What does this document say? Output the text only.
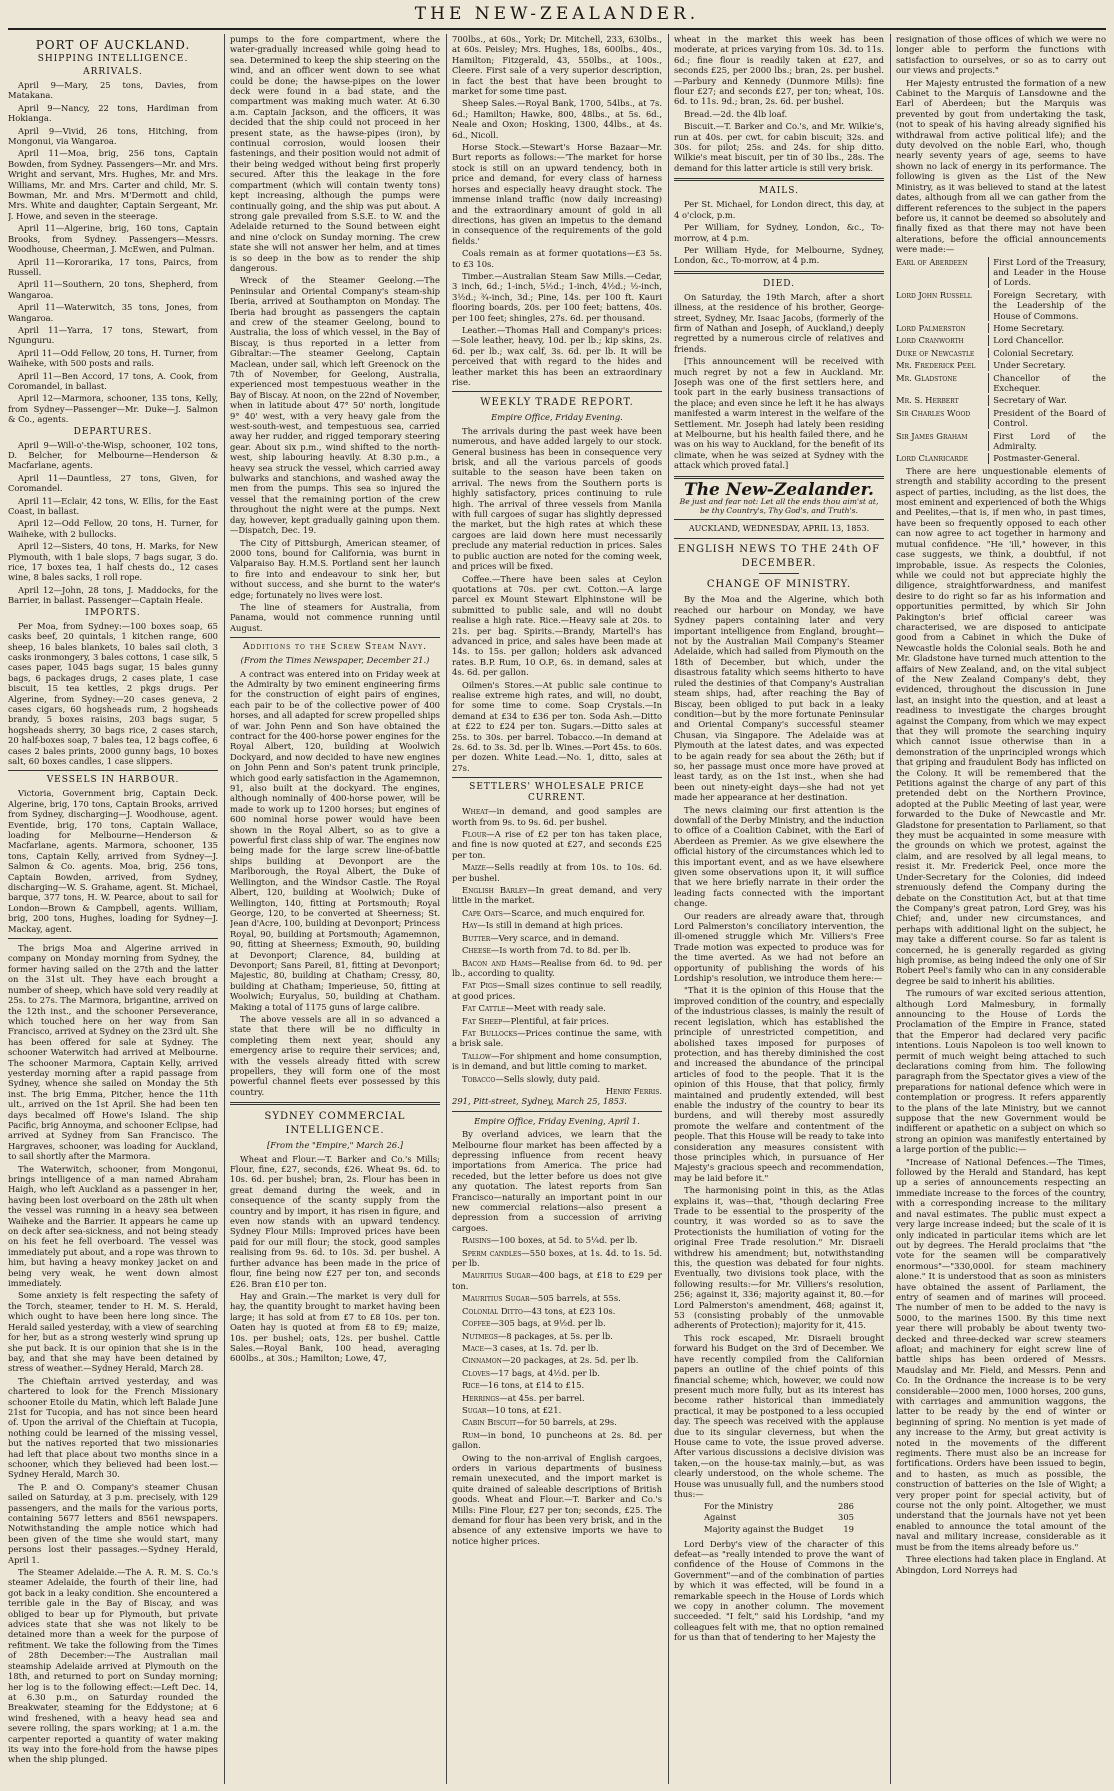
THE NEW-ZEALANDER.
PORT OF AUCKLAND.
SHIPPING INTELLIGENCE.
ARRIVALS.

April 9—Mary, 25 tons, Davies, from Matakana.

April 9—Nancy, 22 tons, Hardiman from Hokianga.

April 9—Vivid, 26 tons, Hitching, from Mongonui, via Wangaroa.

April 11—Moa, brig, 256 tons, Captain Bowden, from Sydney. Passengers—Mr. and Mrs. Wright and servant, Mrs. Hughes, Mr. and Mrs. Williams, Mr. and Mrs. Carter and child, Mr. S. Bowman, Mr. and Mrs. M'Dermott and child, Mrs. White and daughter, Captain Sergeant, Mr. J. Howe, and seven in the steerage.

April 11—Algerine, brig, 160 tons, Captain Brooks, from Sydney. Passengers—Messrs. Woodhouse, Cheerman, J. McEwen, and Pulman.

April 11—Kororarika, 17 tons, Paircs, from Russell.

April 11—Southern, 20 tons, Shepherd, from Wangaroa.

April 11—Waterwitch, 35 tons, Jones, from Wangaroa.

April 11—Yarra, 17 tons, Stewart, from Ngunguru.

April 11—Odd Fellow, 20 tons, H. Turner, from Waiheke, with 500 posts and rails.

April 11—Ben Accord, 17 tons, A. Cook, from Coromandel, in ballast.

April 12—Marmora, schooner, 135 tons, Kelly, from Sydney—Passenger—Mr. Duke—J. Salmon & Co., agents.

DEPARTURES.

April 9—Will-o'-the-Wisp, schooner, 102 tons, D. Belcher, for Melbourne—Henderson & Macfarlane, agents.

April 11—Dauntless, 27 tons, Given, for Coromandel.

April 11—Eclair, 42 tons, W. Ellis, for the East Coast, in ballast.

April 12—Odd Fellow, 20 tons, H. Turner, for Waiheke, with 2 bullocks.

April 12—Sisters, 40 tons, H. Marks, for New Plymouth, with 1 bale slops, 7 bags sugar, 3 do. rice, 17 boxes tea, 1 half chests do., 12 cases wine, 8 bales sacks, 1 roll rope.

April 12—John, 28 tons, J. Maddocks, for the Barrier, in ballast. Passenger—Captain Heale.

IMPORTS.

Per Moa, from Sydney:—100 boxes soap, 65 casks beef, 20 quintals, 1 kitchen range, 600 sheep, 16 bales blankets, 10 bales sail cloth, 3 casks ironmongery, 3 bales cottons, 1 case silk, 5 cases paper, 1045 bags sugar, 15 bales gunny bags, 6 packages drugs, 2 cases plate, 1 case biscuit, 15 tea kettles, 2 pkgs drugs. Per Algerine, from Sydney:—20 cases geneva, 2 cases cigars, 60 hogsheads rum, 2 hogsheads brandy, 5 boxes raisins, 203 bags sugar, 5 hogsheads sherry, 30 bags rice, 2 cases starch, 20 half-boxes soap, 7 bales tea, 12 bags coffee, 6 cases 2 bales prints, 2000 gunny bags, 10 boxes salt, 60 boxes candles, 1 case slippers.

VESSELS IN HARBOUR.

Victoria, Government brig, Captain Deck. Algerine, brig, 170 tons, Captain Brooks, arrived from Sydney, discharging—J. Woodhouse, agent. Eventide, brig, 170 tons, Captain Wallace, loading for Melbourne—Henderson & Macfarlane, agents. Marmora, schooner, 135 tons, Captain Kelly, arrived from Sydney—J. Salmon & Co. agents. Moa, brig, 256 tons, Captain Bowden, arrived, from Sydney, discharging—W. S. Grahame, agent. St. Michael, barque, 377 tons, H. W. Pearce, about to sail for London—Brown & Campbell, agents. William, brig, 200 tons, Hughes, loading for Sydney—J. Mackay, agent.

The brigs Moa and Algerine arrived in company on Monday morning from Sydney, the former having sailed on the 27th and the latter on the 31st ult. They have each brought a number of sheep, which have sold very readily at 25s. to 27s. The Marmora, brigantine, arrived on the 12th inst., and the schooner Perseverance, which touched here on her way from San Francisco, arrived at Sydney on the 23rd ult. She has been offered for sale at Sydney. The schooner Waterwitch had arrived at Melbourne. The schooner Marmora, Captain Kelly, arrived yesterday morning after a rapid passage from Sydney, whence she sailed on Monday the 5th inst. The brig Emma, Pitcher, hence the 11th ult., arrived on the 1st April. She had been ten days becalmed off Howe's Island. The ship Pacific, brig Annoyma, and schooner Eclipse, had arrived at Sydney from San Francisco. The Hargraves, schooner, was loading for Auckland, to sail shortly after the Marmora.

The Waterwitch, schooner, from Mongonui, brings intelligence of a man named Abraham Haigh, who left Auckland as a passenger in her, having been lost overboard on the 28th ult when the vessel was running in a heavy sea between Waiheke and the Barrier. It appears he came up on deck after sea-sickness, and not being steady on his feet he fell overboard. The vessel was immediately put about, and a rope was thrown to him, but having a heavy monkey jacket on and being very weak, he went down almost immediately.

Some anxiety is felt respecting the safety of the Torch, steamer, tender to H. M. S. Herald, which ought to have been here long since. The Herald sailed yesterday, with a view of searching for her, but as a strong westerly wind sprung up she put back. It is our opinion that she is in the bay, and that she may have been detained by stress of weather.—Sydney Herald, March 28.

The Chieftain arrived yesterday, and was chartered to look for the French Missionary schooner Etoile du Matin, which left Balade June 21st for Tucopia, and has not since been heard of. Upon the arrival of the Chieftain at Tucopia, nothing could be learned of the missing vessel, but the natives reported that two missionaries had left that place about two months since in a schooner, which they believed had been lost.—Sydney Herald, March 30.

The P. and O. Company's steamer Chusan sailed on Saturday, at 3 p.m. precisely, with 129 passengers, and the mails for the various ports, containing 5677 letters and 8561 newspapers. Notwithstanding the ample notice which had been given of the time she would start, many persons lost their passages.—Sydney Herald, April 1.

The Steamer Adelaide.—The A. R. M. S. Co.'s steamer Adelaide, the fourth of their line, had got back in a leaky condition. She encountered a terrible gale in the Bay of Biscay, and was obliged to bear up for Plymouth, but private advices state that she was not likely to be detained more than a week for the purpose of refitment. We take the following from the Times of 28th December:—The Australian mail steamship Adelaide arrived at Plymouth on the 18th, and returned to port on Sunday morning; her log is to the following effect:—Left Dec. 14, at 6.30 p.m., on Saturday rounded the Breakwater, steaming for the Eddystone; at 6 wind freshened, with a heavy head sea and severe rolling, the spars working; at 1 a.m. the carpenter reported a quantity of water making its way into the fore-hold from the hawse pipes when the ship plunged.

pumps to the fore compartment, where the water-gradually increased while going head to sea. Determined to keep the ship steering on the wind, and an officer went down to see what could be done; the hawse-pipes on the lower deck were found in a bad state, and the compartment was making much water. At 6.30 a.m. Captain Jackson, and the officers, it was decided that the ship could not proceed in her present state, as the hawse-pipes (iron), by continual corrosion, would loosen their fastenings, and their position would not admit of their being wedged without being first properly secured. After this the leakage in the fore compartment (which will contain twenty tons) kept increasing, although the pumps were continually going, and the ship was put about. A strong gale prevailed from S.S.E. to W. and the Adelaide returned to the Sound between eight and nine o'clock on Sunday morning. The crew state she will not answer her helm, and at times is so deep in the bow as to render the ship dangerous.

Wreck of the Steamer Geelong.—The Peninsular and Oriental Company's steam-ship Iberia, arrived at Southampton on Monday. The Iberia had brought as passengers the captain and crew of the steamer Geelong, bound to Australia, the loss of which vessel, in the Bay of Biscay, is thus reported in a letter from Gibraltar:—The steamer Geelong, Captain Maclean, under sail, which left Greenock on the 7th of November, for Geelong, Australia, experienced most tempestuous weather in the Bay of Biscay. At noon, on the 22nd of November, when in latitude about 47° 50' north, longitude 9° 40' west, with a very heavy gale from the west-south-west, and tempestuous sea, carried away her rudder, and rigged temporary steering gear. About six p.m., wind shifted to the north-west, ship labouring heavily. At 8.30 p.m., a heavy sea struck the vessel, which carried away bulwarks and stanchions, and washed away the men from the pumps. This sea so injured the vessel that the remaining portion of the crew throughout the night were at the pumps. Next day, however, kept gradually gaining upon them.—Dispatch, Dec. 19.

The City of Pittsburgh, American steamer, of 2000 tons, bound for California, was burnt in Valparaiso Bay. H.M.S. Portland sent her launch to fire into and endeavour to sink her, but without success, and she burnt to the water's edge; fortunately no lives were lost.

The line of steamers for Australia, from Panama, would not commence running until August.

Additions to the Screw Steam Navy.
(From the Times Newspaper, December 21.)

A contract was entered into on Friday week at the Admiralty by two eminent engineering firms for the construction of eight pairs of engines, each pair to be of the collective power of 400 horses, and all adapted for screw propelled ships of war. John Penn and Son have obtained the contract for the 400-horse power engines for the Royal Albert, 120, building at Woolwich Dockyard, and now decided to have new engines on John Penn and Son's patent trunk principle, which good early satisfaction in the Agamemnon, 91, also built at the dockyard. The engines, although nominally of 400-horse power, will be made to work up to 1200 horses; but engines of 600 nominal horse power would have been shown in the Royal Albert, so as to give a powerful first class ship of war. The engines now being made for the large screw line-of-battle ships building at Devonport are the Marlborough, the Royal Albert, the Duke of Wellington, and the Windsor Castle. The Royal Albert, 120, building at Woolwich; Duke of Wellington, 140, fitting at Portsmouth; Royal George, 120, to be converted at Sheerness; St. Jean d'Acre, 100, building at Devonport; Princess Royal, 90, building at Portsmouth; Agamemnon, 90, fitting at Sheerness; Exmouth, 90, building at Devonport; Clarence, 84, building at Devonport; Sans Pareil, 81, fitting at Devonport; Majestic, 80, building at Chatham; Cressy, 80, building at Chatham; Imperieuse, 50, fitting at Woolwich; Euryalus, 50, building at Chatham. Making a total of 1175 guns of large calibre.

The above vessels are all in so advanced a state that there will be no difficulty in completing them next year, should any emergency arise to require their services; and, with the vessels already fitted with screw propellers, they will form one of the most powerful channel fleets ever possessed by this country.

SYDNEY COMMERCIAL INTELLIGENCE.
[From the "Empire," March 26.]

Wheat and Flour.—T. Barker and Co.'s Mills; Flour, fine, £27, seconds, £26. Wheat 9s. 6d. to 10s. 6d. per bushel; bran, 2s. Flour has been in great demand during the week, and in consequence of the scanty supply from the country and by import, it has risen in figure, and even now stands with an upward tendency. Sydney Flour Mills: Improved prices have been paid for our mill flour; the stock, good samples realising from 9s. 6d. to 10s. 3d. per bushel. A further advance has been made in the price of flour, fine being now £27 per ton, and seconds £26. Bran £10 per ton.

Hay and Grain.—The market is very dull for hay, the quantity brought to market having been large; it has sold at from £7 to £8 10s. per ton. Oaten hay is quoted at from £8 to £9; maize, 10s. per bushel; oats, 12s. per bushel. Cattle Sales.—Royal Bank, 100 head, averaging 600lbs., at 30s.; Hamilton; Lowe, 47,

700lbs., at 60s., York; Dr. Mitchell, 233, 630lbs., at 60s. Peisley; Mrs. Hughes, 18s, 600lbs., 40s., Hamilton; Fitzgerald, 43, 550lbs., at 100s., Cleere. First sale of a very superior description, in fact the best that have been brought to market for some time past.

Sheep Sales.—Royal Bank, 1700, 54lbs., at 7s. 6d.; Hamilton; Hawke, 800, 48lbs., at 5s. 6d., Neale and Oxon; Hosking, 1300, 44lbs., at 4s. 6d., Nicoll.

Horse Stock.—Stewart's Horse Bazaar—Mr. Burt reports as follows:—'The market for horse stock is still on an upward tendency, both in price and demand, for every class of harness horses and especially heavy draught stock. The immense inland traffic (now daily increasing) and the extraordinary amount of gold in all directions, has given an impetus to the demand in consequence of the requirements of the gold fields.'

Coals remain as at former quotations—£3 5s. to £3 10s.

Timber.—Australian Steam Saw Mills.—Cedar, 3 inch, 6d.; 1-inch, 5½d.; 1-inch, 4½d.; ½-inch, 3½d.; ¾-inch, 3d.; Pine, 14s. per 100 ft. Kauri flooring boards, 20s. per 100 feet; battens, 40s. per 100 feet; shingles, 27s. 6d. per thousand.

Leather.—Thomas Hall and Company's prices:—Sole leather, heavy, 10d. per lb.; kip skins, 2s. 6d. per lb.; wax calf, 3s. 6d. per lb. It will be perceived that with regard to the hides and leather market this has been an extraordinary rise.

WEEKLY TRADE REPORT.
Empire Office, Friday Evening.

The arrivals during the past week have been numerous, and have added largely to our stock. General business has been in consequence very brisk, and all the various parcels of goods suitable to the season have been taken on arrival. The news from the Southern ports is highly satisfactory, prices continuing to rule high. The arrival of three vessels from Manila with full cargoes of sugar has slightly depressed the market, but the high rates at which these cargoes are laid down here must necessarily preclude any material reduction in prices. Sales to public auction are noted for the coming week, and prices will be fixed.

Coffee.—There have been sales at Ceylon quotations at 70s. per cwt. Cotton.—A large parcel ex Mount Stewart Elphinstone will be submitted to public sale, and will no doubt realise a high rate. Rice.—Heavy sale at 20s. to 21s. per bag. Spirits.—Brandy, Martell's has advanced in price, and sales have been made at 14s. to 15s. per gallon; holders ask advanced rates. B.P. Rum, 10 O.P., 6s. in demand, sales at 4s. 6d. per gallon.

Oilmen's Stores.—At public sale continue to realise extreme high rates, and will, no doubt, for some time to come. Soap Crystals.—In demand at £34 to £36 per ton. Soda Ash.—Ditto at £22 to £24 per ton. Sugars.—Ditto sales at 25s. to 30s. per barrel. Tobacco.—In demand at 2s. 6d. to 3s. 3d. per lb. Wines.—Port 45s. to 60s. per dozen. White Lead.—No. 1, ditto, sales at 27s.

SETTLERS' WHOLESALE PRICE CURRENT.

Wheat—in demand, and good samples are worth from 9s. to 9s. 6d. per bushel.

Flour—A rise of £2 per ton has taken place, and fine is now quoted at £27, and seconds £25 per ton.

Maize—Sells readily at from 10s. to 10s. 6d. per bushel.

English Barley—In great demand, and very little in the market.

Cape Oats—Scarce, and much enquired for.

Hay—Is still in demand at high prices.

Butter—Very scarce, and in demand.

Cheese—Is worth from 7d. to 8d. per lb.

Bacon and Hams—Realise from 6d. to 9d. per lb., according to quality.

Fat Pigs—Small sizes continue to sell readily, at good prices.

Fat Cattle—Meet with ready sale.

Fat Sheep—Plentiful, at fair prices.

Fat Bullocks—Prices continue the same, with a brisk sale.

Tallow—For shipment and home consumption, is in demand, and but little coming to market.

Tobacco—Sells slowly, duty paid.

Henry Ferris.
291, Pitt-street, Sydney, March 25, 1853.
Empire Office, Friday Evening, April 1.

By overland advices, we learn that the Melbourne flour market has been affected by a depressing influence from recent heavy importations from America. The price had receded, but the letter before us does not give any quotation. The latest reports from San Francisco—naturally an important point in our new commercial relations—also present a depression from a succession of arriving cargoes.

Raisins—100 boxes, at 5d. to 5¼d. per lb.

Sperm candles—550 boxes, at 1s. 4d. to 1s. 5d. per lb.

Mauritius Sugar—400 bags, at £18 to £29 per ton.

Mauritius Sugar—505 barrels, at 55s.

Colonial Ditto—43 tons, at £23 10s.

Coffee—305 bags, at 9½d. per lb.

Nutmegs—8 packages, at 5s. per lb.

Mace—3 cases, at 1s. 7d. per lb.

Cinnamon—20 packages, at 2s. 5d. per lb.

Cloves—17 bags, at 4½d. per lb.

Rice—16 tons, at £14 to £15.

Herrings—at 45s. per barrel.

Sugar—10 tons, at £21.

Cabin Biscuit—for 50 barrels, at 29s.

Rum—in bond, 10 puncheons at 2s. 8d. per gallon.

Owing to the non-arrival of English cargoes, orders in various departments of business remain unexecuted, and the import market is quite drained of saleable descriptions of British goods. Wheat and Flour.—T. Barker and Co.'s Mills: Fine Flour, £27 per ton; seconds, £25. The demand for flour has been very brisk, and in the absence of any extensive imports we have to notice higher prices.

wheat in the market this week has been moderate, at prices varying from 10s. 3d. to 11s. 6d.; fine flour is readily taken at £27, and seconds £25, per 2000 lbs.; bran, 2s. per bushel.—Parbury and Kennedy (Dunmore Mills): fine flour £27; and seconds £27, per ton; wheat, 10s. 6d. to 11s. 9d.; bran, 2s. 6d. per bushel.

Bread.—2d. the 4lb loaf.

Biscuit.—T. Barker and Co.'s, and Mr. Wilkie's, run at 40s. per cwt. for cabin biscuit; 32s. and 30s. for pilot; 25s. and 24s. for ship ditto. Wilkie's meat biscuit, per tin of 30 lbs., 28s. The demand for this latter article is still very brisk.

MAILS.

Per St. Michael, for London direct, this day, at 4 o'clock, p.m.

Per William, for Sydney, London, &c., To-morrow, at 4 p.m.

Per William Hyde, for Melbourne, Sydney, London, &c., To-morrow, at 4 p.m.

DIED.

On Saturday, the 19th March, after a short illness, at the residence of his brother, George-street, Sydney, Mr. Isaac Jacobs, (formerly of the firm of Nathan and Joseph, of Auckland,) deeply regretted by a numerous circle of relatives and friends.

[This announcement will be received with much regret by not a few in Auckland. Mr. Joseph was one of the first settlers here, and took part in the early business transactions of the place; and even since he left it he has always manifested a warm interest in the welfare of the Settlement. Mr. Joseph had lately been residing at Melbourne, but his health failed there, and he was on his way to Auckland, for the benefit of its climate, when he was seized at Sydney with the attack which proved fatal.]

The New-Zealander.
Be just and fear not: Let all the ends thou aim'st at, be thy Country's, Thy God's, and Truth's.
AUCKLAND, WEDNESDAY, APRIL 13, 1853.
ENGLISH NEWS TO THE 24th OF DECEMBER.
CHANGE OF MINISTRY.

By the Moa and the Algerine, which both reached our harbour on Monday, we have Sydney papers containing later and very important intelligence from England, brought—not by the Australian Mail Company's Steamer Adelaide, which had sailed from Plymouth on the 18th of December, but which, under the disastrous fatality which seems hitherto to have ruled the destinies of that Company's Australian steam ships, had, after reaching the Bay of Biscay, been obliged to put back in a leaky condition—but by the more fortunate Peninsular and Oriental Company's successful steamer Chusan, via Singapore. The Adelaide was at Plymouth at the latest dates, and was expected to be again ready for sea about the 26th; but if so, her passage must once more have proved at least tardy, as on the 1st inst., when she had been out ninety-eight days—she had not yet made her appearance at her destination.

The news claiming our first attention is the downfall of the Derby Ministry, and the induction to office of a Coalition Cabinet, with the Earl of Aberdeen as Premier. As we give elsewhere the official history of the circumstances which led to this important event, and as we have elsewhere given some observations upon it, it will suffice that we here briefly narrate in their order the leading facts connected with the important change.

Our readers are already aware that, through Lord Palmerston's conciliatory intervention, the ill-omened struggle which Mr. Villiers's Free Trade motion was expected to produce was for the time averted. As we had not before an opportunity of publishing the words of his Lordship's resolution, we introduce them here:—

"That it is the opinion of this House that the improved condition of the country, and especially of the industrious classes, is mainly the result of recent legislation, which has established the principle of unrestricted competition, and abolished taxes imposed for purposes of protection, and has thereby diminished the cost and increased the abundance of the principal articles of food to the people. That it is the opinion of this House, that that policy, firmly maintained and prudently extended, will best enable the industry of the country to bear its burdens, and will thereby most assuredly promote the welfare and contentment of the people. That this House will be ready to take into consideration any measures consistent with those principles which, in pursuance of Her Majesty's gracious speech and recommendation, may be laid before it."

The harmonising point in this, as the Atlas explains it, was—that, "though declaring Free Trade to be essential to the prosperity of the country, it was worded so as to save the Protectionists the humiliation of voting for the original Free Trade resolution." Mr. Disraeli withdrew his amendment; but, notwithstanding this, the question was debated for four nights. Eventually, two divisions took place, with the following results:—for Mr. Villiers's resolution, 256; against it, 336; majority against it, 80.—for Lord Palmerston's amendment, 468; against it, 53 (consisting probably of the unmovable adherents of Protection); majority for it, 415.

This rock escaped, Mr. Disraeli brought forward his Budget on the 3rd of December. We have recently compiled from the Californian papers an outline of the chief points of this financial scheme; which, however, we could now present much more fully, but as its interest has become rather historical than immediately practical, it may be postponed to a less occupied day. The speech was received with the applause due to its singular cleverness, but when the House came to vote, the issue proved adverse. After various discussions a decisive division was taken,—on the house-tax mainly,—but, as was clearly understood, on the whole scheme. The House was unusually full, and the numbers stood thus:—

For the Ministry	286
Against	305
Majority against the Budget 19

Lord Derby's view of the character of this defeat—as "really intended to prove the want of confidence of the House of Commons in the Government"—and of the combination of parties by which it was effected, will be found in a remarkable speech in the House of Lords which we copy in another column. The movement succeeded. "I felt," said his Lordship, "and my colleagues felt with me, that no option remained for us than that of tendering to her Majesty the

resignation of those offices of which we were no longer able to perform the functions with satisfaction to ourselves, or so as to carry out our views and projects."

Her Majesty entrusted the formation of a new Cabinet to the Marquis of Lansdowne and the Earl of Aberdeen; but the Marquis was prevented by gout from undertaking the task, (not to speak of his having already signified his withdrawal from active political life); and the duty devolved on the noble Earl, who, though nearly seventy years of age, seems to have shown no lack of energy in its performance. The following is given as the List of the New Ministry, as it was believed to stand at the latest dates, although from all we can gather from the different references to the subject in the papers before us, it cannot be deemed so absolutely and finally fixed as that there may not have been alterations, before the official announcements were made:—

Earl of Aberdeen	First Lord of the Treasury, and Leader in the House of Lords.
Lord John Russell	Foreign Secretary, with the Leadership of the House of Commons.
Lord Palmerston	Home Secretary.
Lord Cranworth	Lord Chancellor.
Duke of Newcastle	Colonial Secretary.
Mr. Frederick Peel	Under Secretary.
Mr. Gladstone	Chancellor of the Exchequer.
Mr. S. Herbert	Secretary of War.
Sir Charles Wood	President of the Board of Control.
Sir James Graham	First Lord of the Admiralty.
Lord Clanricarde	Postmaster-General.

There are here unquestionable elements of strength and stability according to the present aspect of parties, including, as the list does, the most eminent and experienced of both the Whigs and Peelites,—that is, if men who, in past times, have been so frequently opposed to each other can now agree to act together in harmony and mutual confidence. "He 'ill," however, in this case suggests, we think, a doubtful, if not improbable, issue. As respects the Colonies, while we could not but appreciate highly the diligence, straightforwardness, and manifest desire to do right so far as his information and opportunities permitted, by which Sir John Pakington's brief official career was characterised, we are disposed to anticipate good from a Cabinet in which the Duke of Newcastle holds the Colonial seals. Both he and Mr. Gladstone have turned much attention to the affairs of New Zealand, and, on the vital subject of the New Zealand Company's debt, they evidenced, throughout the discussion in June last, an insight into the question, and at least a readiness to investigate the charges brought against the Company, from which we may expect that they will promote the searching inquiry which cannot issue otherwise than in a demonstration of the unprincipled wrongs which that griping and fraudulent Body has inflicted on the Colony. It will be remembered that the Petitions against the charge of any part of this pretended debt on the Northern Province, adopted at the Public Meeting of last year, were forwarded to the Duke of Newcastle and Mr. Gladstone for presentation to Parliament, so that they must be acquainted in some measure with the grounds on which we protest, against the claim, and are resolved by all legal means, to resist it. Mr. Frederick Peel, once more the Under-Secretary for the Colonies, did indeed strenuously defend the Company during the debate on the Constitution Act, but at that time the Company's great patron, Lord Grey, was his Chief; and, under new circumstances, and perhaps with additional light on the subject, he may take a different course. So far as talent is concerned, he is generally regarded as giving high promise, as being indeed the only one of Sir Robert Peel's family who can in any considerable degree be said to inherit his abilities.

The rumours of war excited serious attention, although Lord Malmesbury, in formally announcing to the House of Lords the Proclamation of the Empire in France, stated that the Emperor had declared very pacific intentions. Louis Napoleon is too well known to permit of much weight being attached to such declarations coming from him. The following paragraph from the Spectator gives a view of the preparations for national defence which were in contemplation or progress. It refers apparently to the plans of the late Ministry, but we cannot suppose that the new Government would be indifferent or apathetic on a subject on which so strong an opinion was manifestly entertained by a large portion of the public:—

"Increase of National Defences.—The Times, followed by the Herald and Standard, has kept up a series of announcements respecting an immediate increase to the forces of the country, with a corresponding increase to the military and naval estimates. The public must expect a very large increase indeed; but the scale of it is only indicated in particular items which are let out by degrees. The Herald proclaims that "the vote for the seamen will be comparatively enormous"—"330,000l. for steam machinery alone." It is understood that as soon as ministers have obtained the assent of Parliament, the entry of seamen and of marines will proceed. The number of men to be added to the navy is 5000, to the marines 1500. By this time next year there will probably be about twenty two-decked and three-decked war screw steamers afloat; and machinery for eight screw line of battle ships has been ordered of Messrs. Maudslay and Mr. Field, and Messrs. Penn and Co. In the Ordnance the increase is to be very considerable—2000 men, 1000 horses, 200 guns, with carriages and ammunition waggons, the latter to be ready by the end of winter or beginning of spring. No mention is yet made of any increase to the Army, but great activity is noted in the movements of the different regiments. There must also be an increase for fortifications. Orders have been issued to begin, and to hasten, as much as possible, the construction of batteries on the Isle of Wight; a very proper point for special activity, but of course not the only point. Altogether, we must understand that the journals have not yet been enabled to announce the total amount of the naval and military increase, considerable as it must be from the items already before us."

Three elections had taken place in England. At Abingdon, Lord Norreys had
